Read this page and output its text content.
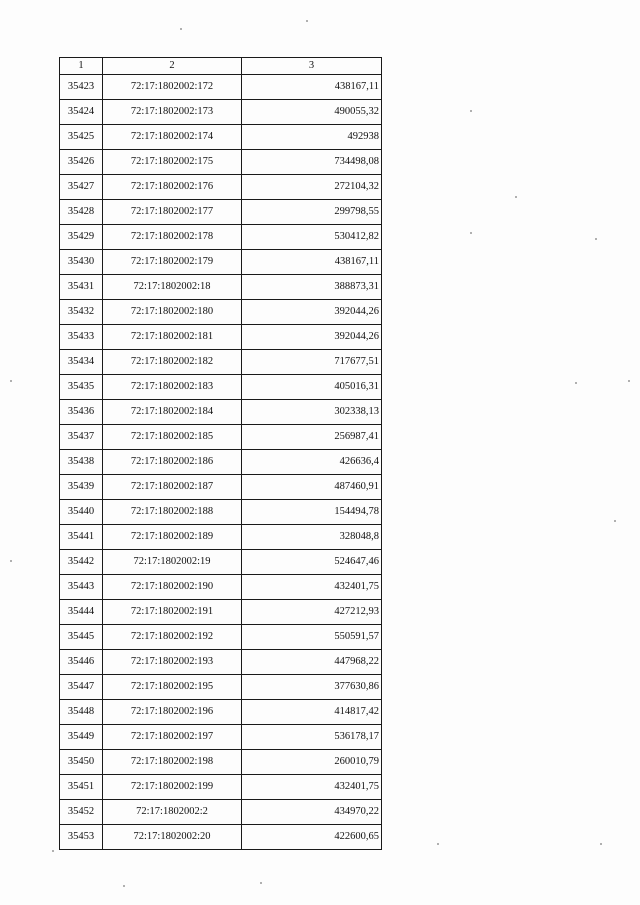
1	2	3
35423	72:17:1802002:172	438167,11
35424	72:17:1802002:173	490055,32
35425	72:17:1802002:174	492938
35426	72:17:1802002:175	734498,08
35427	72:17:1802002:176	272104,32
35428	72:17:1802002:177	299798,55
35429	72:17:1802002:178	530412,82
35430	72:17:1802002:179	438167,11
35431	72:17:1802002:18	388873,31
35432	72:17:1802002:180	392044,26
35433	72:17:1802002:181	392044,26
35434	72:17:1802002:182	717677,51
35435	72:17:1802002:183	405016,31
35436	72:17:1802002:184	302338,13
35437	72:17:1802002:185	256987,41
35438	72:17:1802002:186	426636,4
35439	72:17:1802002:187	487460,91
35440	72:17:1802002:188	154494,78
35441	72:17:1802002:189	328048,8
35442	72:17:1802002:19	524647,46
35443	72:17:1802002:190	432401,75
35444	72:17:1802002:191	427212,93
35445	72:17:1802002:192	550591,57
35446	72:17:1802002:193	447968,22
35447	72:17:1802002:195	377630,86
35448	72:17:1802002:196	414817,42
35449	72:17:1802002:197	536178,17
35450	72:17:1802002:198	260010,79
35451	72:17:1802002:199	432401,75
35452	72:17:1802002:2	434970,22
35453	72:17:1802002:20	422600,65
